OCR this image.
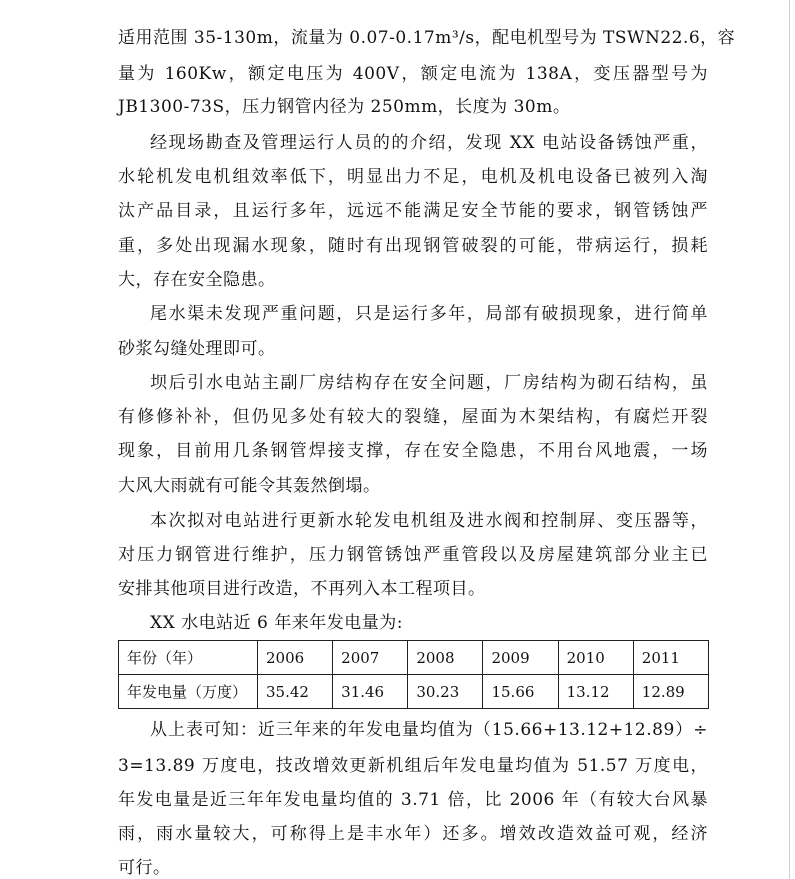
适用范围 35-130m，流量为 0.07-0.17m³/s，配电机型号为 TSWN22.6，容
量为 160Kw，额定电压为 400V，额定电流为 138A，变压器型号为
JB1300-73S，压力钢管内径为 250mm，长度为 30m。
经现场勘查及管理运行人员的的介绍，发现 XX 电站设备锈蚀严重，
水轮机发电机组效率低下，明显出力不足，电机及机电设备已被列入淘
汰产品目录，且运行多年，远远不能满足安全节能的要求，钢管锈蚀严
重，多处出现漏水现象，随时有出现钢管破裂的可能，带病运行，损耗
大，存在安全隐患。
尾水渠未发现严重问题，只是运行多年，局部有破损现象，进行简单
砂浆勾缝处理即可。
坝后引水电站主副厂房结构存在安全问题，厂房结构为砌石结构，虽
有修修补补，但仍见多处有较大的裂缝，屋面为木架结构，有腐烂开裂
现象，目前用几条钢管焊接支撑，存在安全隐患，不用台风地震，一场
大风大雨就有可能令其轰然倒塌。
本次拟对电站进行更新水轮发电机组及进水阀和控制屏、变压器等，
对压力钢管进行维护，压力钢管锈蚀严重管段以及房屋建筑部分业主已
安排其他项目进行改造，不再列入本工程项目。
XX 水电站近 6 年来年发电量为:
年份（年）	2006	2007	2008	2009	2010	2011
年发电量（万度）	35.42	31.46	30.23	15.66	13.12	12.89
从上表可知：近三年来的年发电量均值为（15.66+13.12+12.89）÷
3=13.89 万度电，技改增效更新机组后年发电量均值为 51.57 万度电，
年发电量是近三年年发电量均值的 3.71 倍，比 2006 年（有较大台风暴
雨，雨水量较大，可称得上是丰水年）还多。增效改造效益可观，经济
可行。
